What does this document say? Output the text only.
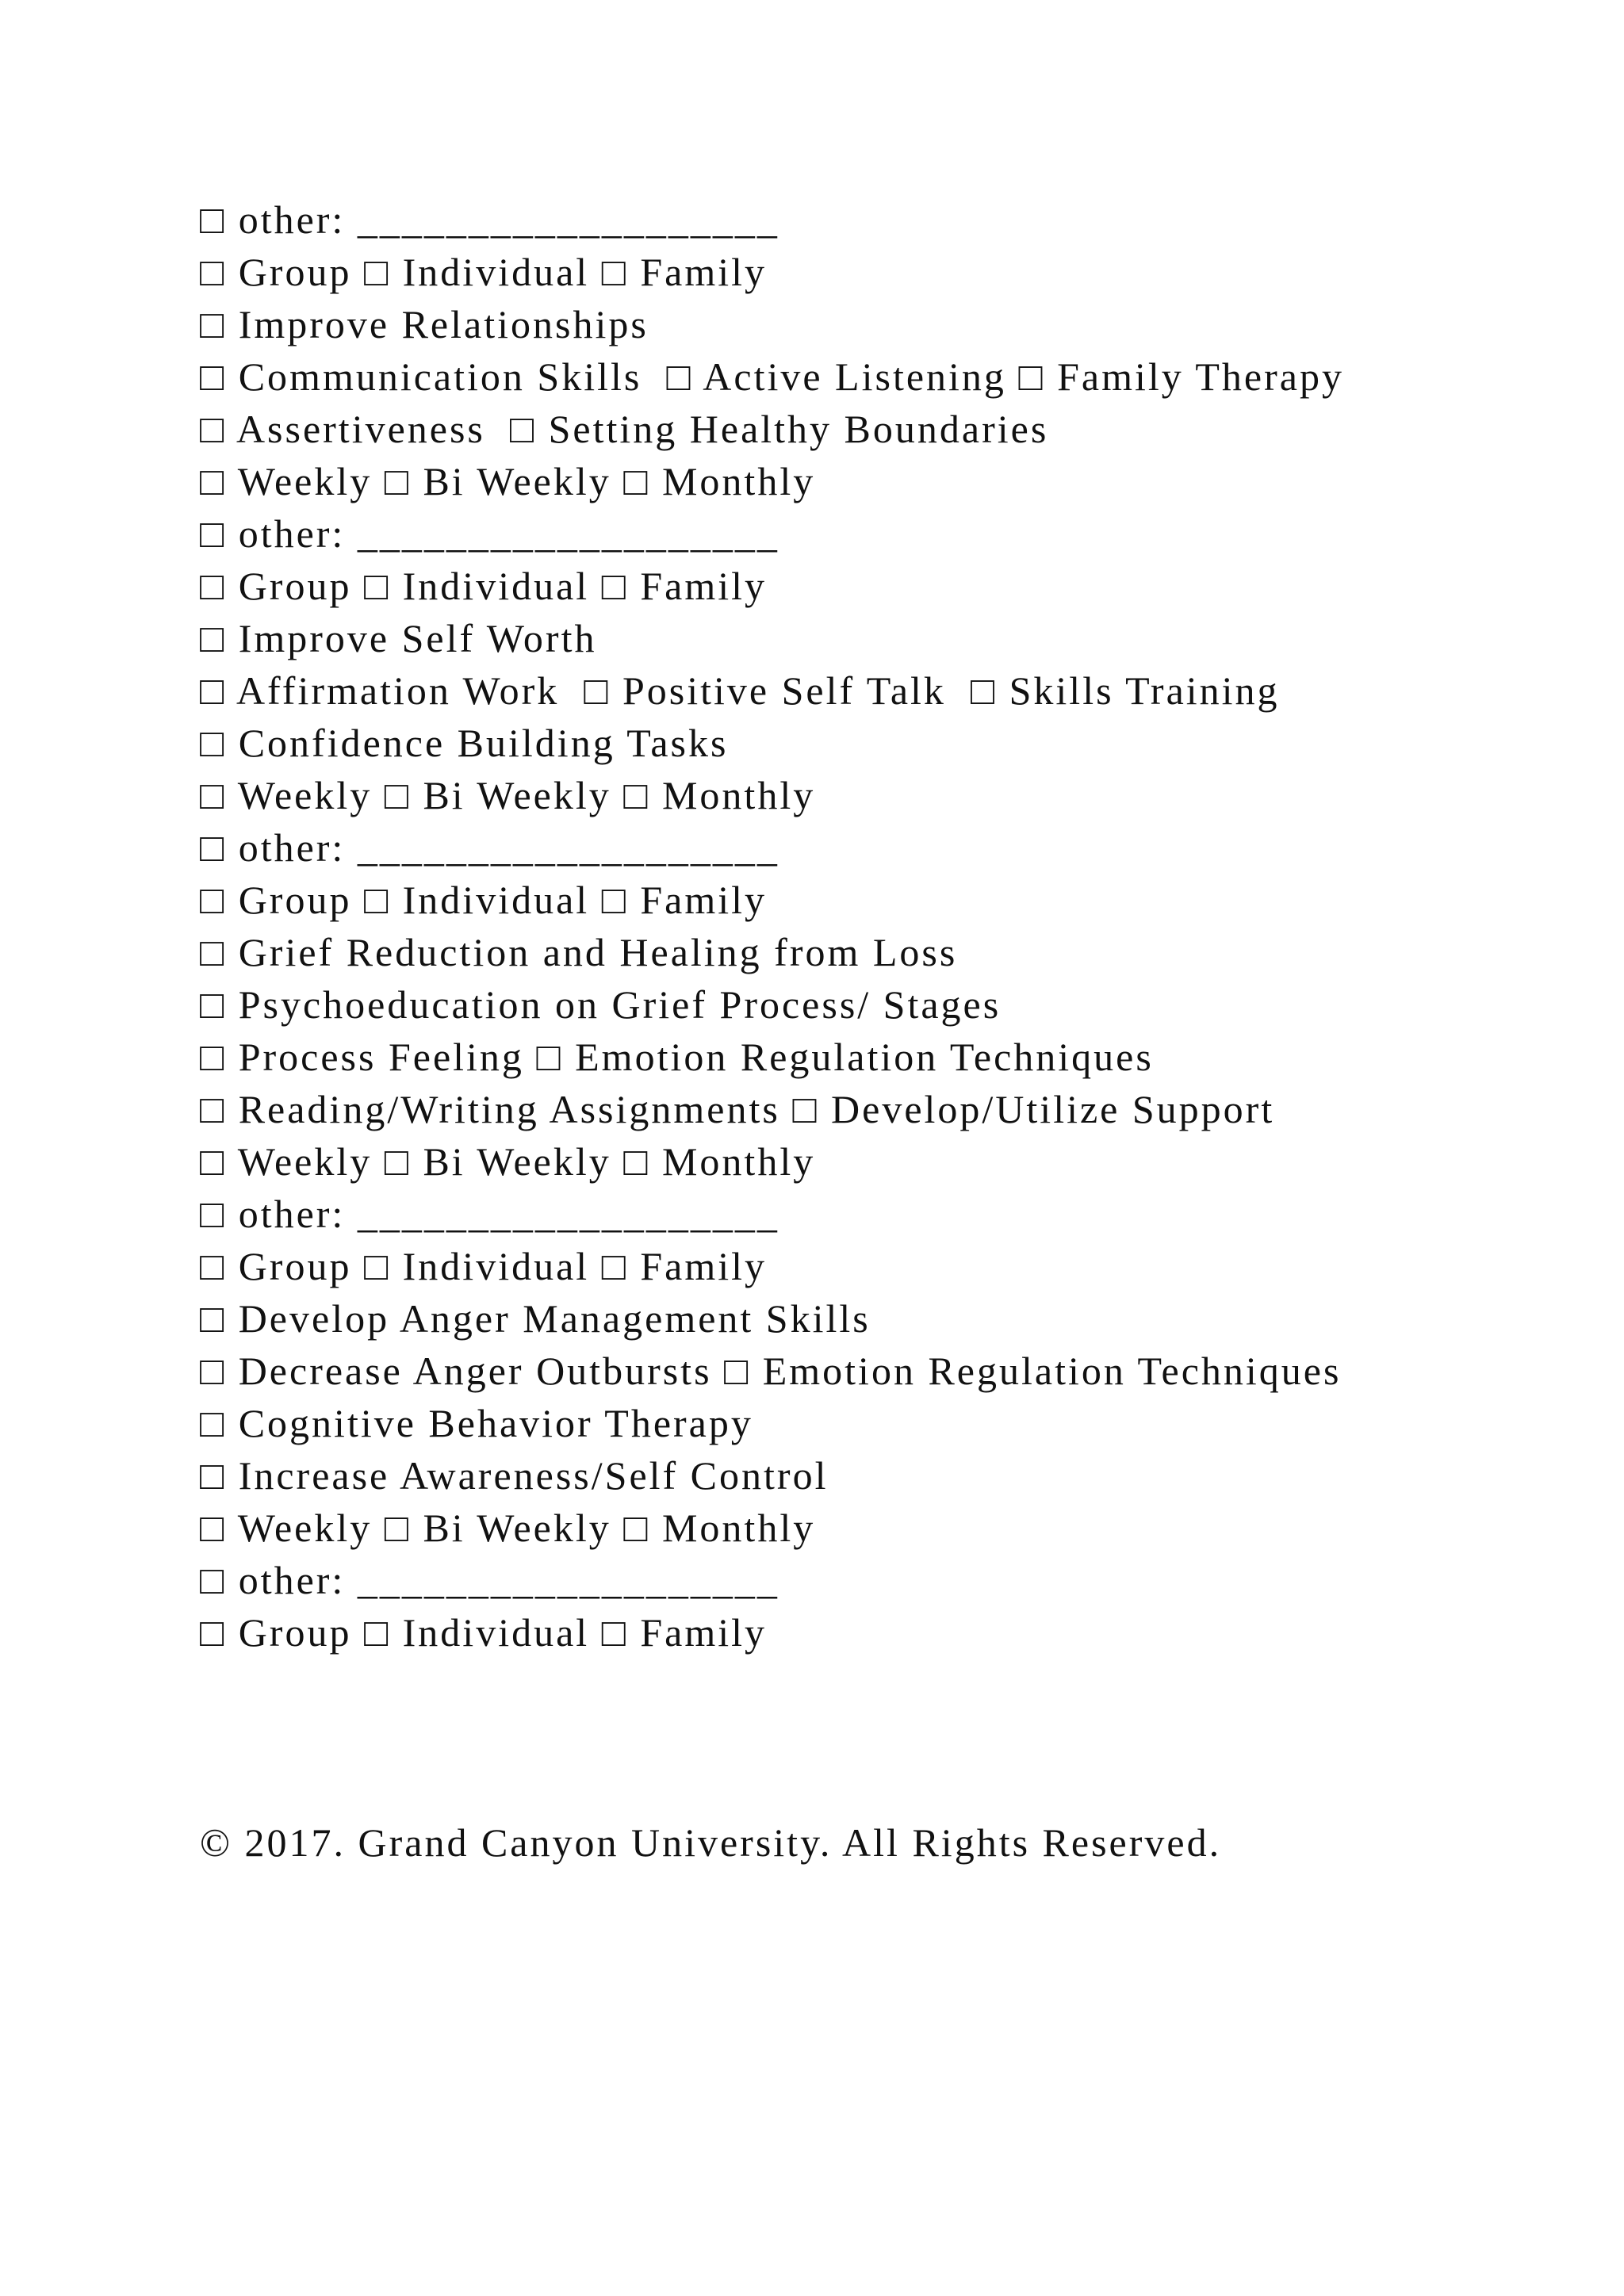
□ other: ___________________
□ Group □ Individual □ Family
□ Improve Relationships
□ Communication Skills  □ Active Listening □ Family Therapy
□ Assertiveness  □ Setting Healthy Boundaries
□ Weekly □ Bi Weekly □ Monthly
□ other: ___________________
□ Group □ Individual □ Family
□ Improve Self Worth
□ Affirmation Work  □ Positive Self Talk  □ Skills Training
□ Confidence Building Tasks
□ Weekly □ Bi Weekly □ Monthly
□ other: ___________________
□ Group □ Individual □ Family
□ Grief Reduction and Healing from Loss
□ Psychoeducation on Grief Process/ Stages
□ Process Feeling □ Emotion Regulation Techniques
□ Reading/Writing Assignments □ Develop/Utilize Support
□ Weekly □ Bi Weekly □ Monthly
□ other: ___________________
□ Group □ Individual □ Family
□ Develop Anger Management Skills
□ Decrease Anger Outbursts □ Emotion Regulation Techniques
□ Cognitive Behavior Therapy
□ Increase Awareness/Self Control
□ Weekly □ Bi Weekly □ Monthly
□ other: ___________________
□ Group □ Individual □ Family
© 2017. Grand Canyon University. All Rights Reserved.
